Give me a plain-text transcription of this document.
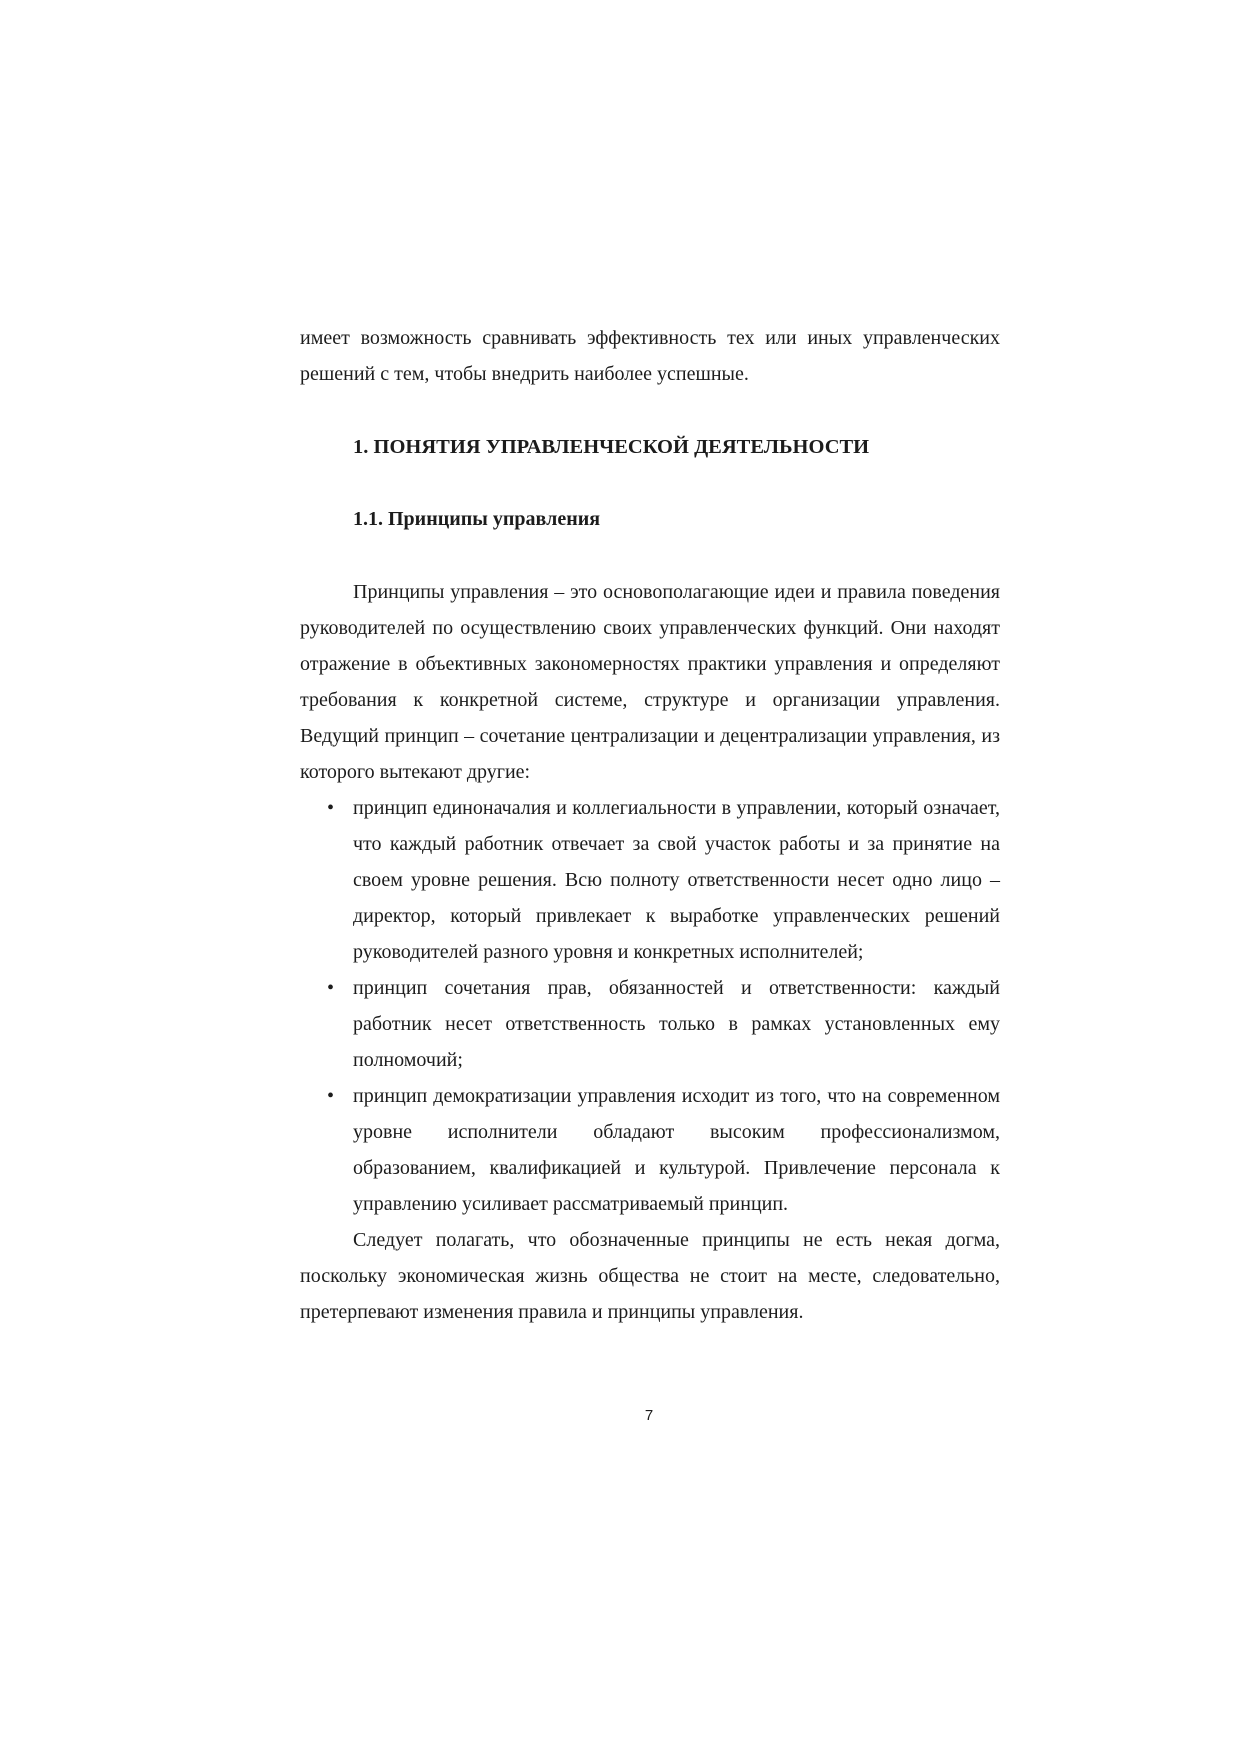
имеет возможность сравнивать эффективность тех или иных управленческих решений с тем, чтобы внедрить наиболее успешные.

1. ПОНЯТИЯ УПРАВЛЕНЧЕСКОЙ ДЕЯТЕЛЬНОСТИ
1.1. Принципы управления

Принципы управления – это основополагающие идеи и правила поведения руководителей по осуществлению своих управленческих функций. Они находят отражение в объективных закономерностях практики управления и определяют требования к конкретной системе, структуре и организации управления. Ведущий принцип – сочетание централизации и децентрализации управления, из которого вытекают другие:

• принцип единоначалия и коллегиальности в управлении, который означает, что каждый работник отвечает за свой участок работы и за принятие на своем уровне решения. Всю полноту ответственности несет одно лицо – директор, который привлекает к выработке управленческих решений руководителей разного уровня и конкретных исполнителей;
• принцип сочетания прав, обязанностей и ответственности: каждый работник несет ответственность только в рамках установленных ему полномочий;
• принцип демократизации управления исходит из того, что на современном уровне исполнители обладают высоким профессионализмом, образованием, квалификацией и культурой. Привлечение персонала к управлению усиливает рассматриваемый принцип.

Следует полагать, что обозначенные принципы не есть некая догма, поскольку экономическая жизнь общества не стоит на месте, следовательно, претерпевают изменения правила и принципы управления.

7
